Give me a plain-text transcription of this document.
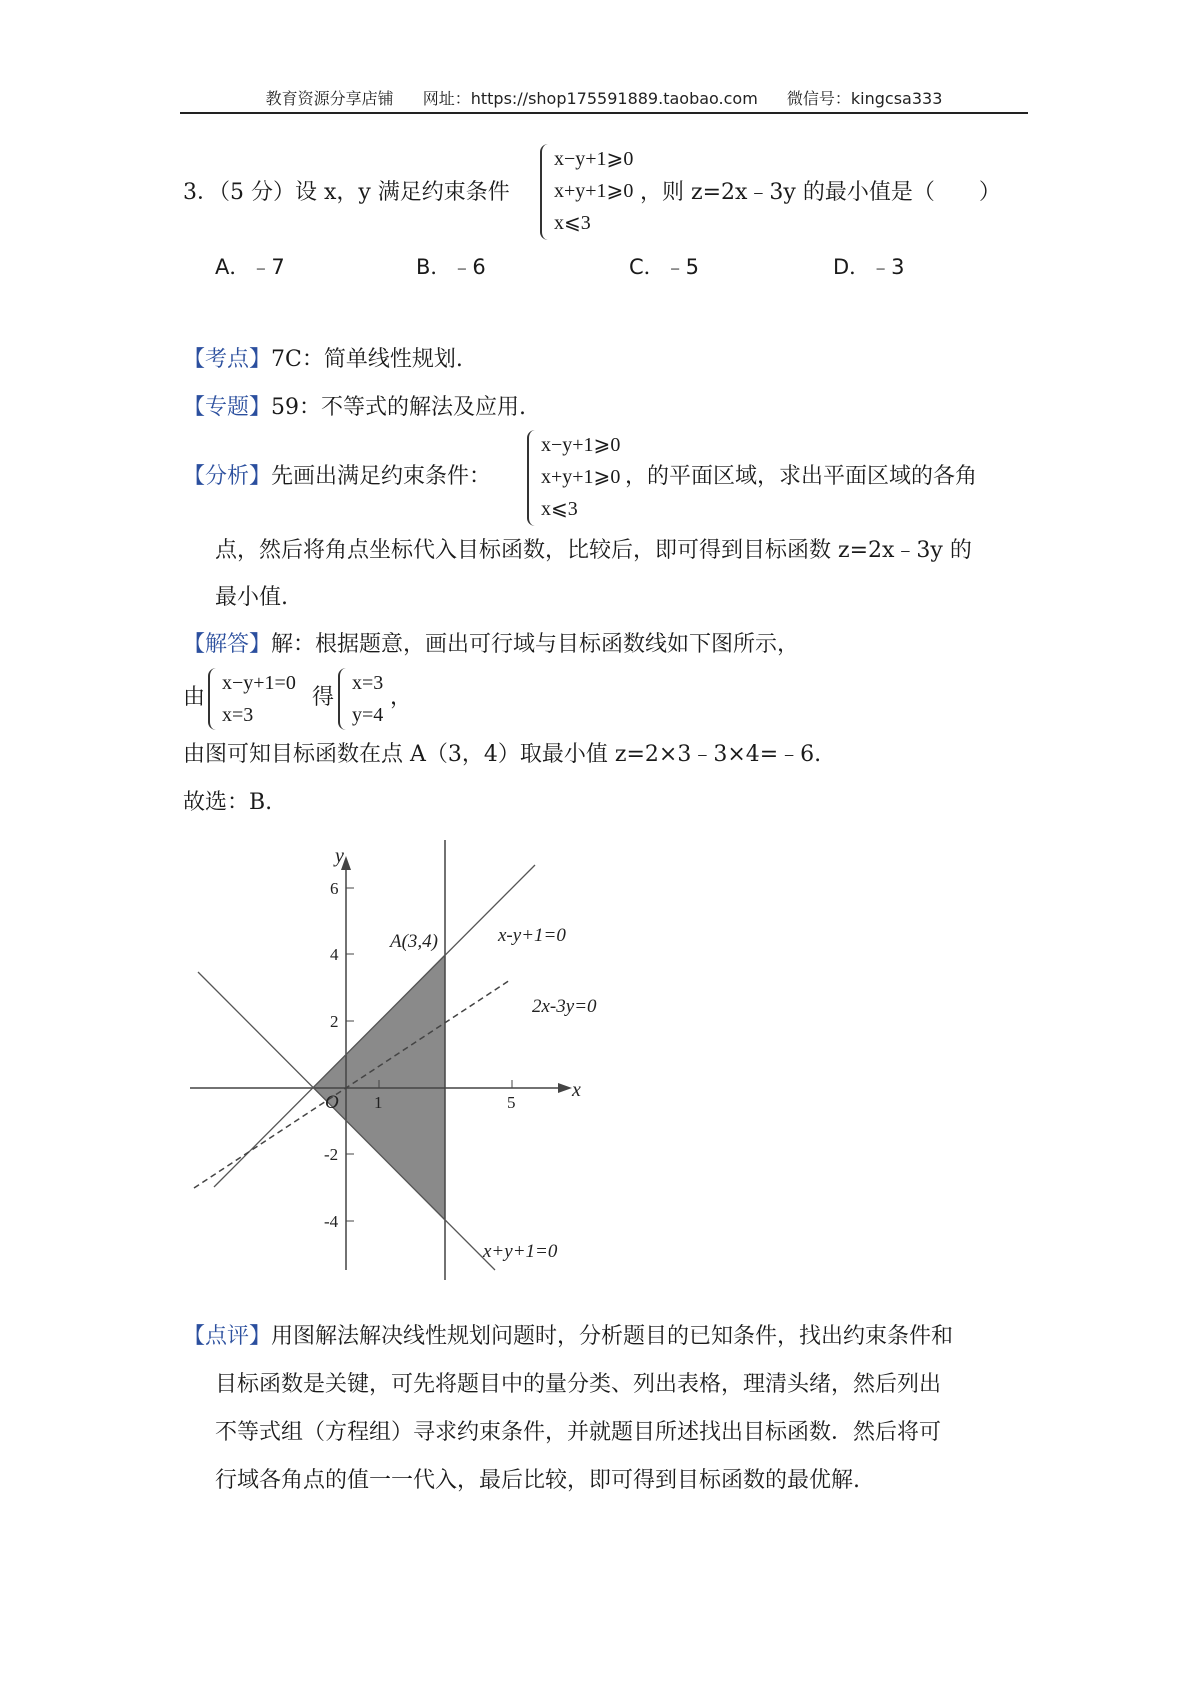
教育资源分享店铺 网址：https://shop175591889.taobao.com 微信号：kingcsa333
3．（5 分）设 x，y 满足约束条件
x−y+1⩾0
x+y+1⩾0
x⩽3
，则 z=2x﹣3y 的最小值是（　　）
A．﹣7	B．﹣6	C．﹣5	D．﹣3
【考点】7C：简单线性规划.
【专题】59：不等式的解法及应用.
【分析】先画出满足约束条件：
x−y+1⩾0
x+y+1⩾0
x⩽3
，的平面区域，求出平面区域的各角
点，然后将角点坐标代入目标函数，比较后，即可得到目标函数 z=2x﹣3y 的
最小值.
【解答】解：根据题意，画出可行域与目标函数线如下图所示，
由
x−y+1=0
x=3
得
x=3
y=4
，
由图可知目标函数在点 A（3，4）取最小值 z=2×3﹣3×4=﹣6.
故选：B.
y
x
6
4
2
-2
-4
1	5
O
A(3,4)	x-y+1=0
2x-3y=0
x+y+1=0
【点评】用图解法解决线性规划问题时，分析题目的已知条件，找出约束条件和
目标函数是关键，可先将题目中的量分类、列出表格，理清头绪，然后列出
不等式组（方程组）寻求约束条件，并就题目所述找出目标函数．然后将可
行域各角点的值一一代入，最后比较，即可得到目标函数的最优解.
